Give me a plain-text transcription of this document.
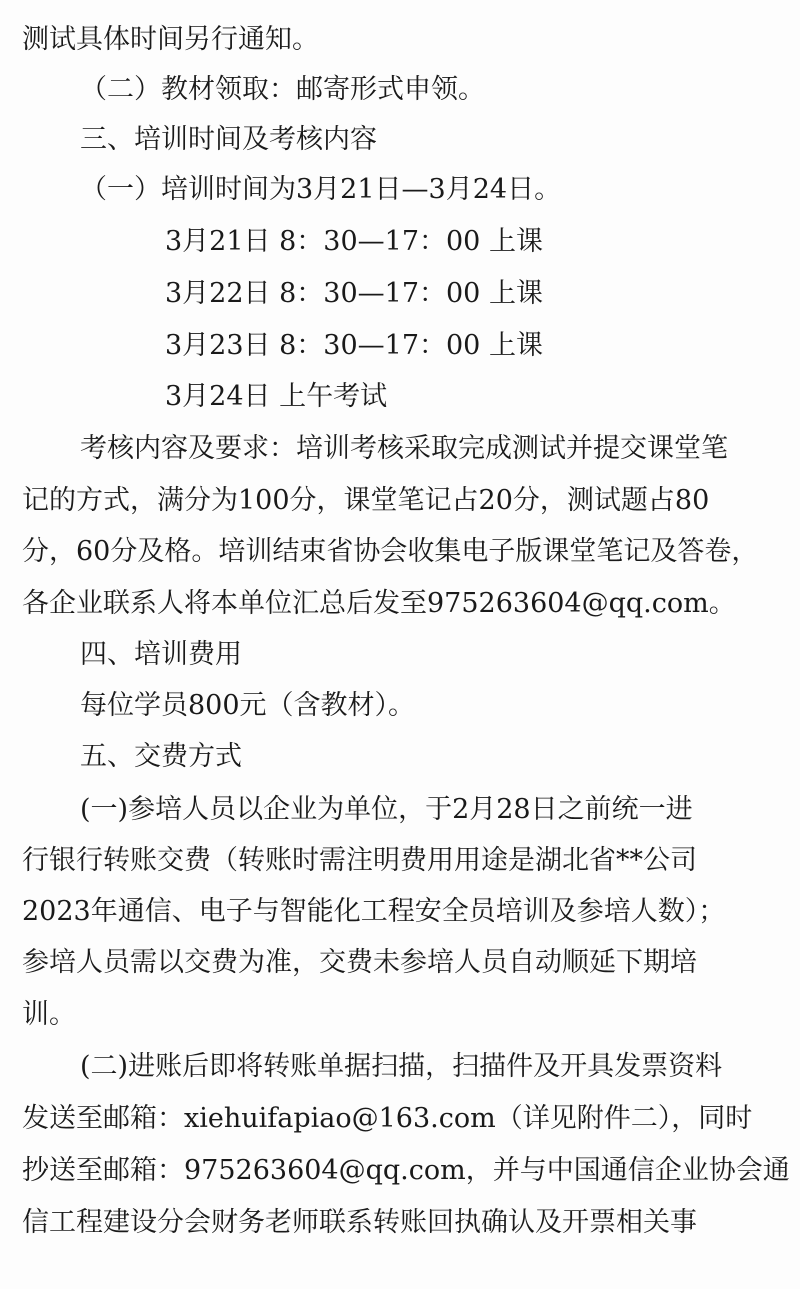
测试具体时间另行通知。
（二）教材领取：邮寄形式申领。
三、培训时间及考核内容
（一）培训时间为3月21日—3月24日。
3月21日 8：30—17：00 上课
3月22日 8：30—17：00 上课
3月23日 8：30—17：00 上课
3月24日 上午考试
考核内容及要求：培训考核采取完成测试并提交课堂笔
记的方式，满分为100分，课堂笔记占20分，测试题占80
分，60分及格。培训结束省协会收集电子版课堂笔记及答卷，
各企业联系人将本单位汇总后发至975263604@qq.com。
四、培训费用
每位学员800元（含教材）。
五、交费方式
(一)参培人员以企业为单位，于2月28日之前统一进
行银行转账交费（转账时需注明费用用途是湖北省**公司
2023年通信、电子与智能化工程安全员培训及参培人数）；
参培人员需以交费为准，交费未参培人员自动顺延下期培
训。
(二)进账后即将转账单据扫描，扫描件及开具发票资料
发送至邮箱：xiehuifapiao@163.com（详见附件二），同时
抄送至邮箱：975263604@qq.com，并与中国通信企业协会通
信工程建设分会财务老师联系转账回执确认及开票相关事
